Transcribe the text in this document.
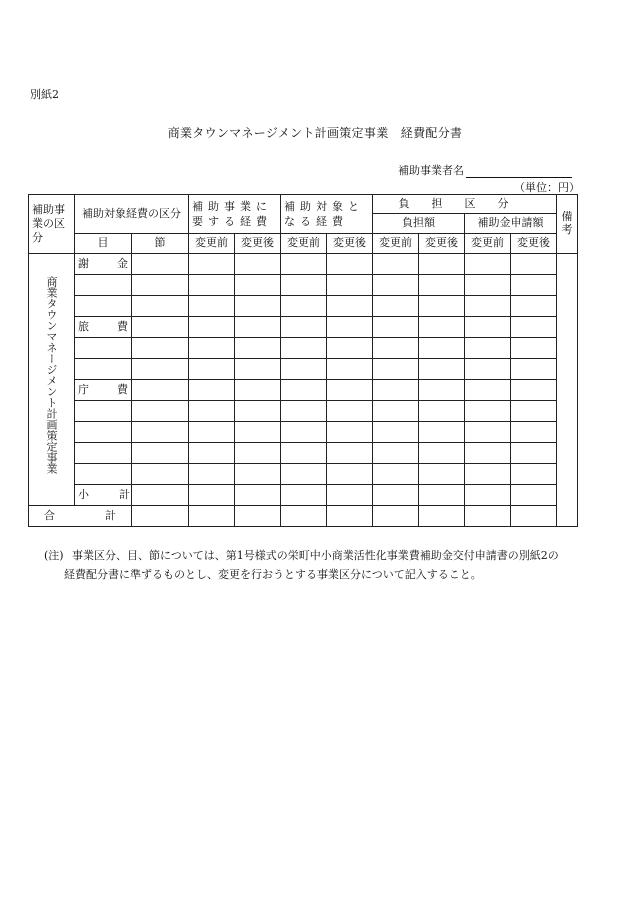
別紙2
商業タウンマネージメント計画策定事業　経費配分書
補助事業者名
（単位：円）
補助事業の区分	補助対象経費の区分		補助事業に要する経費		補助対象となる経費		負担区分				備考
							負担額		補助金申請額		
	目	節	変更前	変更後	変更前	変更後	変更前	変更後	変更前	変更後	

商業タウンマネージメント計画策定事業	謝金										

	旅費										

	庁費										

	小計										
合計											
(注) 事業区分、目、節については、第1号様式の栄町中小商業活性化事業費補助金交付申請書の別紙2の
経費配分書に準ずるものとし、変更を行おうとする事業区分について記入すること。
